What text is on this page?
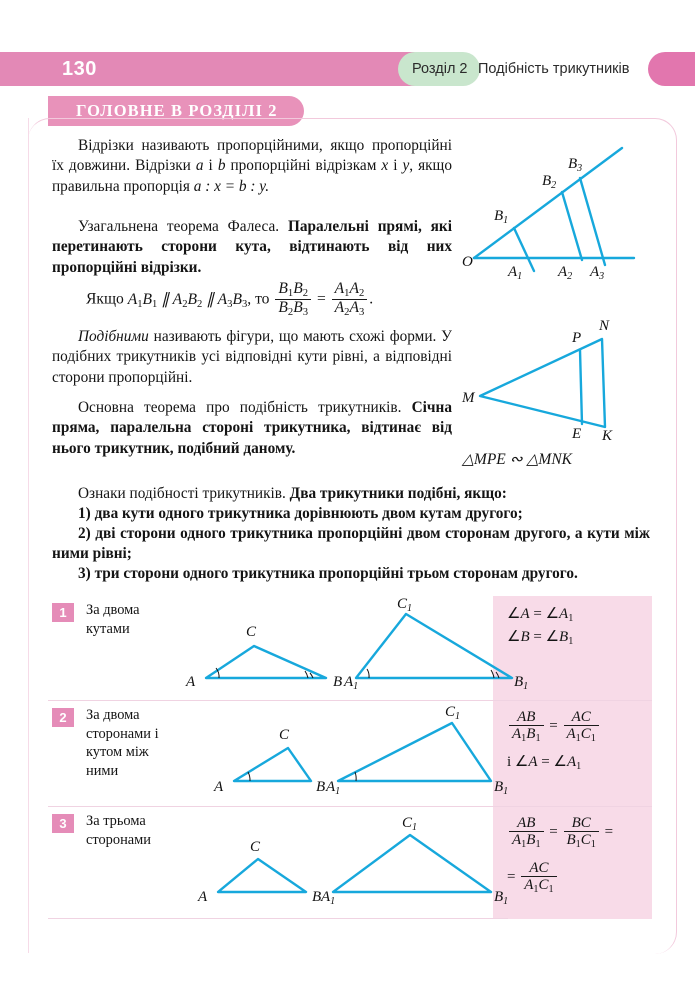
130	Розділ 2 Подібність трикутників
ГОЛОВНЕ В РОЗДІЛІ 2
Відрізки називають пропорційними, якщо пропорційні їх довжини. Відрізки a і b пропорційні відрізкам x і y, якщо правильна пропорція a : x = b : y.
Узагальнена теорема Фалеса. Паралельні прямі, які перетинають сторони кута, відтинають від них пропорційні відрізки.
Якщо A1B1 ∥ A2B2 ∥ A3B3, то $\frac{B1B2}{B2B3} = \frac{A1A2}{A2A3}$ .
Подібними називають фігури, що мають схожі форми. У подібних трикутників усі відповідні кути рівні, а відповідні сторони пропорційні.
Основна теорема про подібність трикутників. Січна пряма, паралельна стороні трикутника, відтинає від нього трикутник, подібний даному.
Ознаки подібності трикутників. Два трикутники подібні, якщо:
1) два кути одного трикутника дорівнюють двом кутам другого;
2) дві сторони одного трикутника пропорційні двом сторонам другого, а кути між ними рівні;
3) три сторони одного трикутника пропорційні трьом сторонам другого.
O
$A_1$ $A_2$ $A_3$
$B_1$
$B_2$
$B_3$
M
P
N
E K
△MPE ∾ △MNK
1	За двома кутами
A	B
C
$A_1$	$B_1$
$C_1$	∠A = ∠A1
∠B = ∠B1
2	За двома сторонами і кутом між ними
A	B
C
$A_1$	$B_1$
$C_1$	$\frac{AB}{A1B1} = \frac{AC}{A1C1}$
і ∠A = ∠A1
3	За трьома сторонами
A	B
C
$A_1$	$B_1$
$C_1$	$\frac{AB}{A1B1} = \frac{BC}{B1C1}$ =
= $\frac{AC}{A1C1}$
